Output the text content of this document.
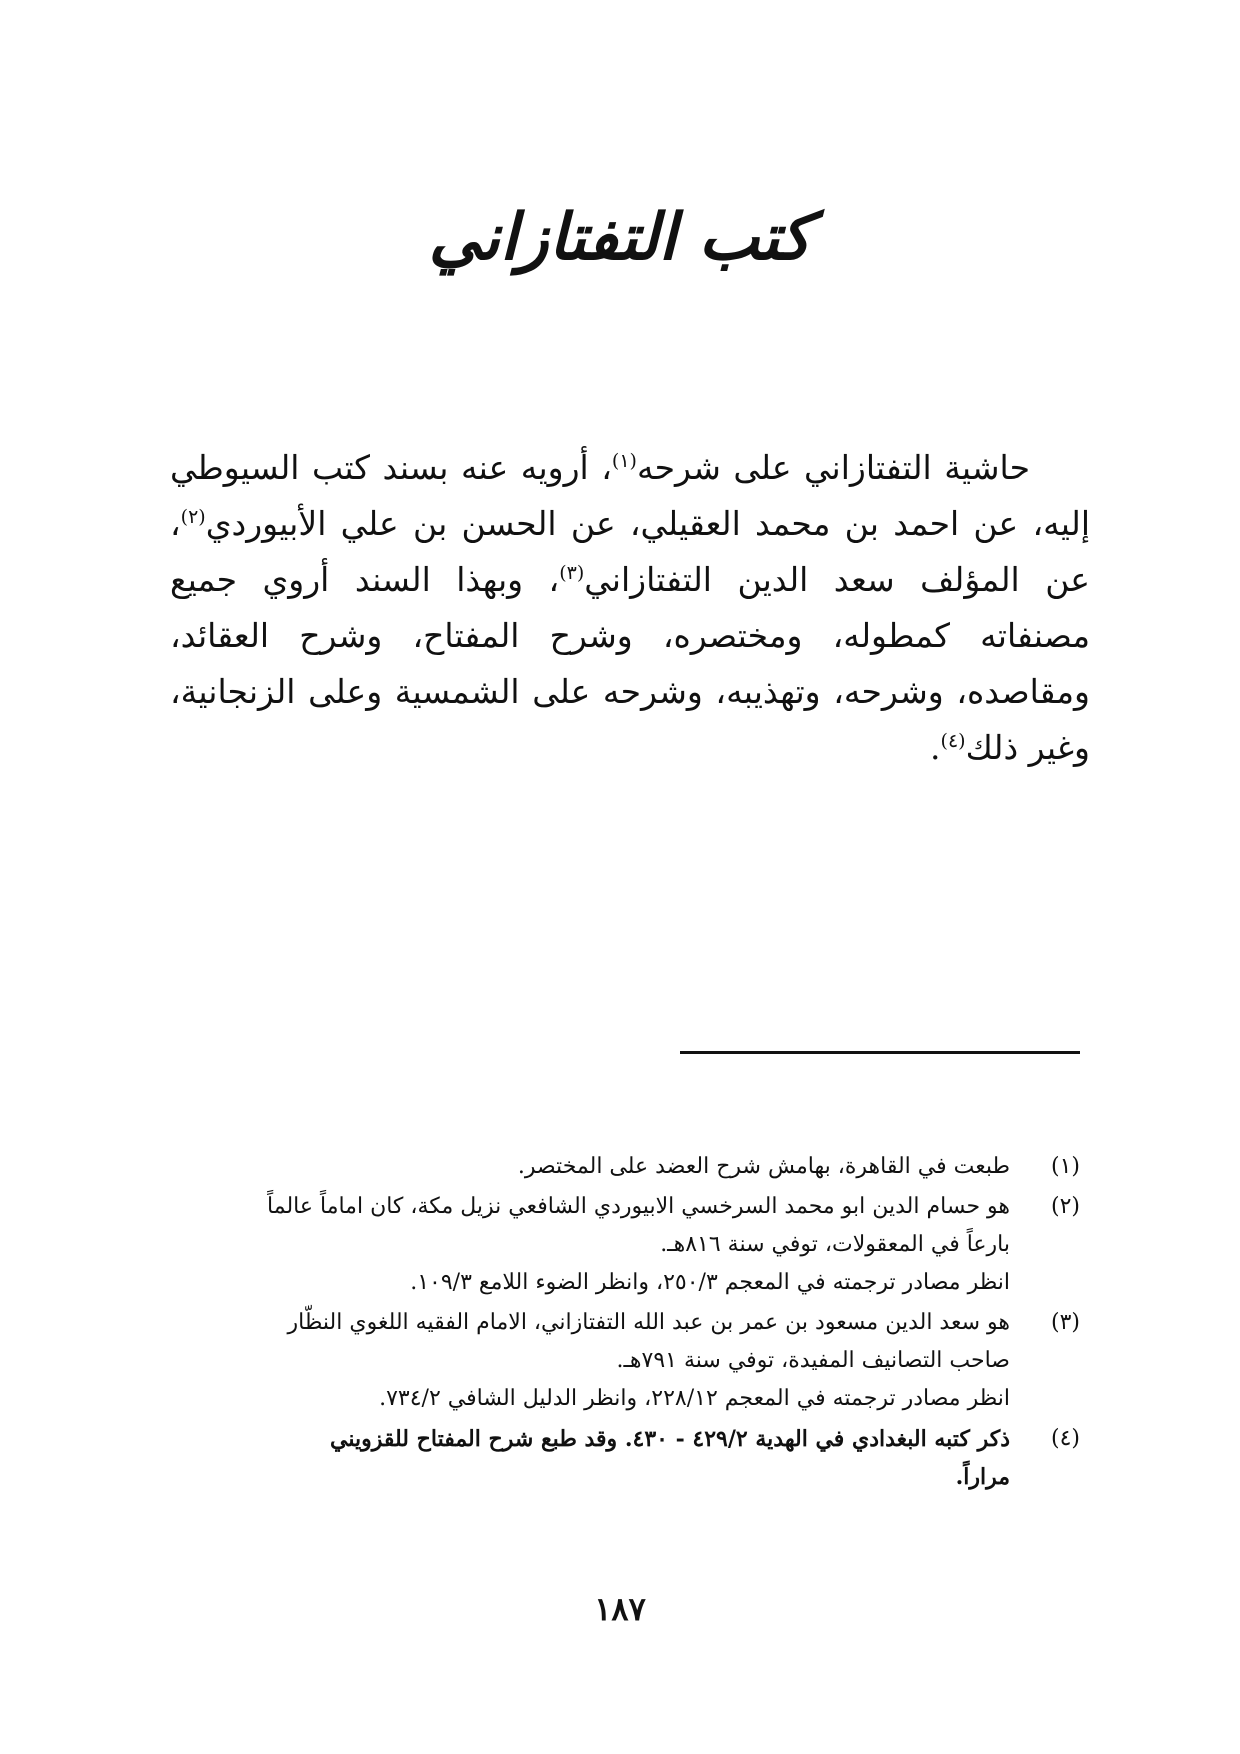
كتب التفتازاني

حاشية التفتازاني على شرحه$^{(١)}$، أرويه عنه بسند كتب السيوطي إليه، عن احمد بن محمد العقيلي، عن الحسن بن علي الأبيوردي$^{(٢)}$، عن المؤلف سعد الدين التفتازاني$^{(٣)}$، وبهذا السند أروي جميع مصنفاته كمطوله، ومختصره، وشرح المفتاح، وشرح العقائد، ومقاصده، وشرحه، وتهذيبه، وشرحه على الشمسية وعلى الزنجانية، وغير ذلك$^{(٤)}$.

(١)
طبعت في القاهرة، بهامش شرح العضد على المختصر.
(٢)
هو حسام الدين ابو محمد السرخسي الابيوردي الشافعي نزيل مكة، كان اماماً عالماً
بارعاً في المعقولات، توفي سنة ٨١٦هـ.
انظر مصادر ترجمته في المعجم ٢٥٠/٣، وانظر الضوء اللامع ١٠٩/٣.
(٣)
هو سعد الدين مسعود بن عمر بن عبد الله التفتازاني، الامام الفقيه اللغوي النظّار
صاحب التصانيف المفيدة، توفي سنة ٧٩١هـ.
انظر مصادر ترجمته في المعجم ٢٢٨/١٢، وانظر الدليل الشافي ٧٣٤/٢.
(٤)
ذكر كتبه البغدادي في الهدية ٤٢٩/٢ - ٤٣٠. وقد طبع شرح المفتاح للقزويني
مراراً.
١٨٧
